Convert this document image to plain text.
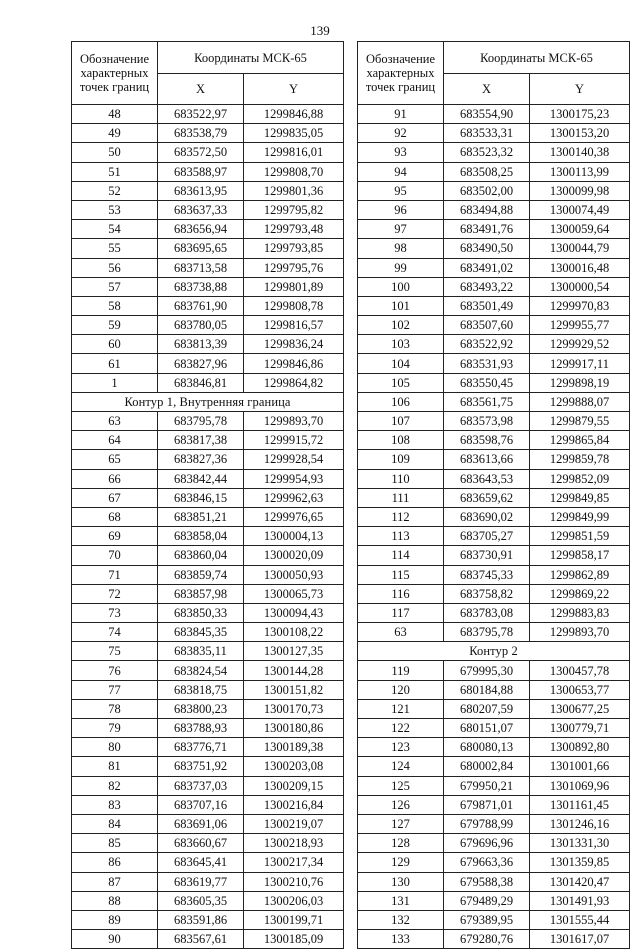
139
Обозначение характерных точек границ	Координаты МСК-65	
	X	Y
48	683522,97	1299846,88
49	683538,79	1299835,05
50	683572,50	1299816,01
51	683588,97	1299808,70
52	683613,95	1299801,36
53	683637,33	1299795,82
54	683656,94	1299793,48
55	683695,65	1299793,85
56	683713,58	1299795,76
57	683738,88	1299801,89
58	683761,90	1299808,78
59	683780,05	1299816,57
60	683813,39	1299836,24
61	683827,96	1299846,86
1	683846,81	1299864,82
Контур 1, Внутренняя граница		
63	683795,78	1299893,70
64	683817,38	1299915,72
65	683827,36	1299928,54
66	683842,44	1299954,93
67	683846,15	1299962,63
68	683851,21	1299976,65
69	683858,04	1300004,13
70	683860,04	1300020,09
71	683859,74	1300050,93
72	683857,98	1300065,73
73	683850,33	1300094,43
74	683845,35	1300108,22
75	683835,11	1300127,35
76	683824,54	1300144,28
77	683818,75	1300151,82
78	683800,23	1300170,73
79	683788,93	1300180,86
80	683776,71	1300189,38
81	683751,92	1300203,08
82	683737,03	1300209,15
83	683707,16	1300216,84
84	683691,06	1300219,07
85	683660,67	1300218,93
86	683645,41	1300217,34
87	683619,77	1300210,76
88	683605,35	1300206,03
89	683591,86	1300199,71
90	683567,61	1300185,09
Обозначение характерных точек границ	Координаты МСК-65	
	X	Y
91	683554,90	1300175,23
92	683533,31	1300153,20
93	683523,32	1300140,38
94	683508,25	1300113,99
95	683502,00	1300099,98
96	683494,88	1300074,49
97	683491,76	1300059,64
98	683490,50	1300044,79
99	683491,02	1300016,48
100	683493,22	1300000,54
101	683501,49	1299970,83
102	683507,60	1299955,77
103	683522,92	1299929,52
104	683531,93	1299917,11
105	683550,45	1299898,19
106	683561,75	1299888,07
107	683573,98	1299879,55
108	683598,76	1299865,84
109	683613,66	1299859,78
110	683643,53	1299852,09
111	683659,62	1299849,85
112	683690,02	1299849,99
113	683705,27	1299851,59
114	683730,91	1299858,17
115	683745,33	1299862,89
116	683758,82	1299869,22
117	683783,08	1299883,83
63	683795,78	1299893,70
Контур 2		
119	679995,30	1300457,78
120	680184,88	1300653,77
121	680207,59	1300677,25
122	680151,07	1300779,71
123	680080,13	1300892,80
124	680002,84	1301001,66
125	679950,21	1301069,96
126	679871,01	1301161,45
127	679788,99	1301246,16
128	679696,96	1301331,30
129	679663,36	1301359,85
130	679588,38	1301420,47
131	679489,29	1301491,93
132	679389,95	1301555,44
133	679280,76	1301617,07
